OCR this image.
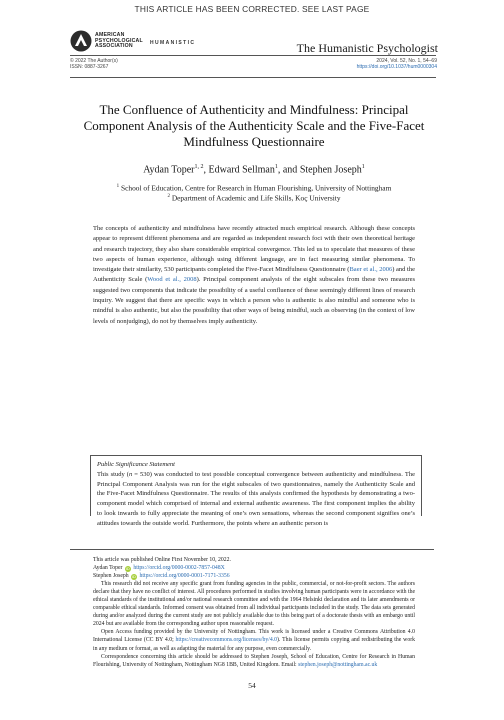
THIS ARTICLE HAS BEEN CORRECTED. SEE LAST PAGE
AMERICAN
PSYCHOLOGICAL
ASSOCIATION
HUMANISTIC	The Humanistic Psychologist
© 2022 The Author(s)
ISSN: 0887-3267
2024, Vol. 52, No. 1, 54–69
https://doi.org/10.1037/hum0000304
The Confluence of Authenticity and Mindfulness: Principal Component Analysis of the Authenticity Scale and the Five-Facet Mindfulness Questionnaire
Aydan Toper$^{1, 2}$, Edward Sellman$^1$, and Stephen Joseph$^1$
$^1$ School of Education, Centre for Research in Human Flourishing, University of Nottingham
$^2$ Department of Academic and Life Skills, Koç University
The concepts of authenticity and mindfulness have recently attracted much empirical research. Although these concepts appear to represent different phenomena and are regarded as independent research foci with their own theoretical heritage and research trajectory, they also share considerable empirical convergence. This led us to speculate that measures of these two aspects of human experience, although using different language, are in fact measuring similar phenomena. To investigate their similarity, 530 participants completed the Five-Facet Mindfulness Questionnaire (Baer et al., 2006) and the Authenticity Scale (Wood et al., 2008). Principal component analysis of the eight subscales from these two measures suggested two components that indicate the possibility of a useful confluence of these seemingly different lines of research inquiry. We suggest that there are specific ways in which a person who is authentic is also mindful and someone who is mindful is also authentic, but also the possibility that other ways of being mindful, such as observing (in the context of low levels of nonjudging), do not by themselves imply authenticity.
Public Significance Statement
This study (n = 530) was conducted to test possible conceptual convergence between authenticity and mindfulness. The Principal Component Analysis was run for the eight subscales of two questionnaires, namely the Authenticity Scale and the Five-Facet Mindfulness Questionnaire. The results of this analysis confirmed the hypothesis by demonstrating a two-component model which comprised of internal and external authentic awareness. The first component implies the ability to look inwards to fully appreciate the meaning of one’s own sensations, whereas the second component signifies one’s attitudes towards the outside world. Furthermore, the points where an authentic person is

This article was published Online First November 10, 2022.

Aydan Toper iD https://orcid.org/0000-0002-7857-048X

Stephen Joseph iD https://orcid.org/0000-0001-7171-3356

This research did not receive any specific grant from funding agencies in the public, commercial, or not-for-profit sectors. The authors declare that they have no conflict of interest. All procedures performed in studies involving human participants were in accordance with the ethical standards of the institutional and/or national research committee and with the 1964 Helsinki declaration and its later amendments or comparable ethical standards. Informed consent was obtained from all individual participants included in the study. The data sets generated during and/or analyzed during the current study are not publicly available due to this being part of a doctorate thesis with an embargo until 2024 but are available from the corresponding author upon reasonable request.

Open Access funding provided by the University of Nottingham. This work is licensed under a Creative Commons Attribution 4.0 International License (CC BY 4.0; https://creativecommons.org/licenses/by/4.0). This license permits copying and redistributing the work in any medium or format, as well as adapting the material for any purpose, even commercially.

Correspondence concerning this article should be addressed to Stephen Joseph, School of Education, Centre for Research in Human Flourishing, University of Nottingham, Nottingham NG8 1BB, United Kingdom. Email: stephen.joseph@nottingham.ac.uk

54
